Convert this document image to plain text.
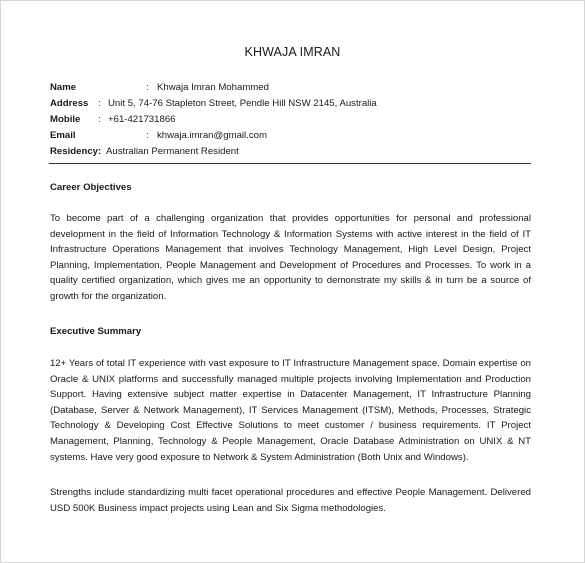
KHWAJA IMRAN
Name	: Khwaja Imran Mohammed
Address : Unit 5, 74-76 Stapleton Street, Pendle Hill NSW 2145, Australia
Mobile : +61-421731866
Email	: khwaja.imran@gmail.com
Residency: Australian Permanent Resident
Career Objectives

To become part of a challenging organization that provides opportunities for personal and professional development in the field of Information Technology & Information Systems with active interest in the field of IT Infrastructure Operations Management that involves Technology Management, High Level Design, Project Planning, Implementation, People Management and Development of Procedures and Processes. To work in a quality certified organization, which gives me an opportunity to demonstrate my skills & in turn be a source of growth for the organization.

Executive Summary

12+ Years of total IT experience with vast exposure to IT Infrastructure Management space. Domain expertise on Oracle & UNIX platforms and successfully managed multiple projects involving Implementation and Production Support. Having extensive subject matter expertise in Datacenter Management, IT Infrastructure Planning (Database, Server & Network Management), IT Services Management (ITSM), Methods, Processes, Strategic Technology & Developing Cost Effective Solutions to meet customer / business requirements. IT Project Management, Planning, Technology & People Management, Oracle Database Administration on UNIX & NT systems. Have very good exposure to Network & System Administration (Both Unix and Windows).

Strengths include standardizing multi facet operational procedures and effective People Management. Delivered USD 500K Business impact projects using Lean and Six Sigma methodologies.
